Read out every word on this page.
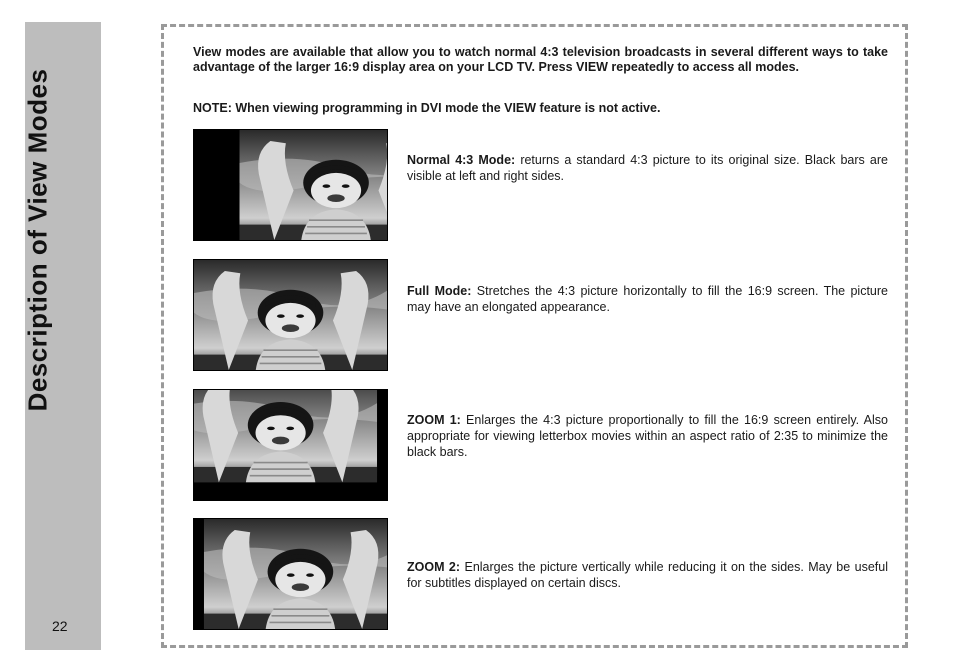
Description of View Modes
22

View modes are available that allow you to watch normal 4:3 television broadcasts in several different ways to take advantage of the larger 16:9 display area on your LCD TV. Press VIEW repeatedly to access all modes.

NOTE: When viewing programming in DVI mode the VIEW feature is not active.

Normal 4:3 Mode: returns a standard 4:3 picture to its original size. Black bars are visible at left and right sides.

Full Mode: Stretches the 4:3 picture horizontally to fill the 16:9 screen. The picture may have an elongated appearance.

ZOOM 1: Enlarges the 4:3 picture proportionally to fill the 16:9 screen entirely. Also appropriate for viewing letterbox movies within an aspect ratio of 2:35 to minimize the black bars.

ZOOM 2: Enlarges the picture vertically while reducing it on the sides. May be useful for subtitles displayed on certain discs.
